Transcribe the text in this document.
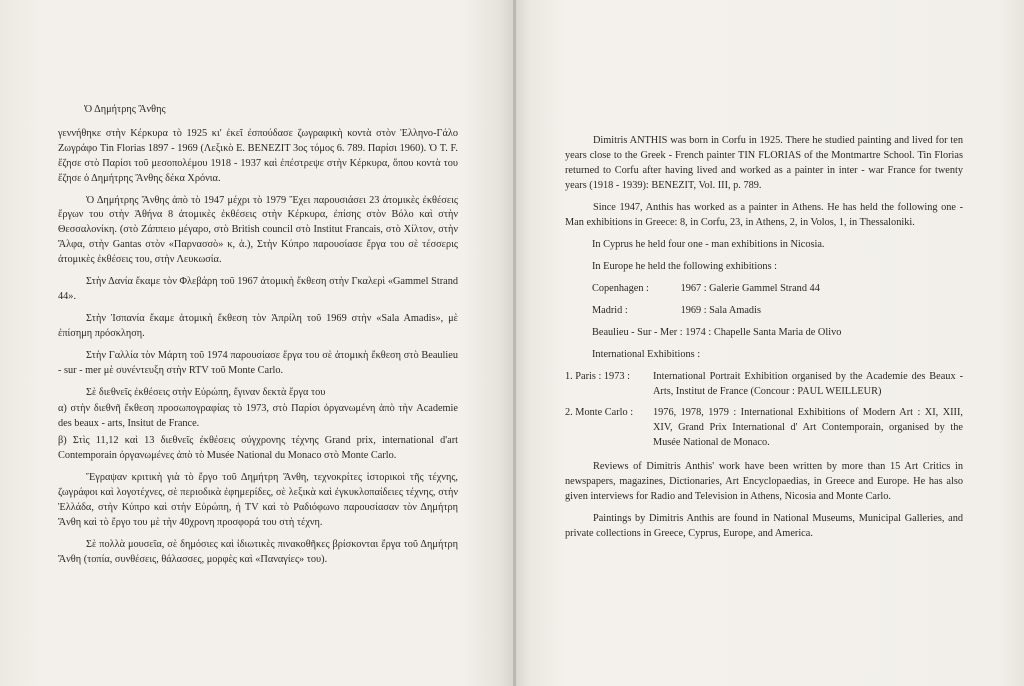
Ὁ Δημήτρης Ἄνθης

γεννήθηκε στὴν Κέρκυρα τὸ 1925 κι' ἐκεῖ ἐσπούδασε ζωγραφικὴ κοντὰ στὸν Ἑλληνο-Γάλο Ζωγράφο Tin Florias 1897 - 1969 (Λεξικὸ E. BENEZIT 3ος τόμος 6. 789. Παρίσι 1960). Ὁ T. F. ἔζησε στὸ Παρίσι τοῦ μεσοπολέμου 1918 - 1937 καὶ ἐπέστρεψε στὴν Κέρκυρα, ὅπου κοντὰ του ἔζησε ὁ Δημήτρης Ἄνθης δέκα Χρόνια.

Ὁ Δημήτρης Ἄνθης ἀπὸ τὸ 1947 μέχρι τὸ 1979 Ἔχει παρουσιάσει 23 ἀτομικὲς ἐκθέσεις ἔργων του στὴν Ἀθήνα 8 ἀτομικὲς ἐκθέσεις στὴν Κέρκυρα, ἐπίσης στὸν Βόλο καὶ στὴν Θεσσαλονίκη. (στὸ Ζάππειο μέγαρο, στὸ British council στὸ Institut Francais, στὸ Χίλτον, στὴν Ἄλφα, στὴν Gantas στὸν «Παρνασσὸ» κ, ἀ.), Στὴν Κύπρο παρουσίασε ἔργα του σὲ τέσσερις ἀτομικὲς ἐκθέσεις του, στὴν Λευκωσία.

Στὴν Δανία ἔκαμε τὸν Φλεβάρη τοῦ 1967 ἀτομικὴ ἔκθεση στὴν Γκαλερὶ «Gammel Strand 44».

Στὴν Ἰσπανία ἔκαμε ἀτομικὴ ἔκθεση τὸν Ἀπρίλη τοῦ 1969 στὴν «Sala Amadis», μὲ ἐπίσημη πρόσκληση.

Στὴν Γαλλία τὸν Μάρτη τοῦ 1974 παρουσίασε ἔργα του σὲ ἀτομικὴ ἔκθεση στὸ Beaulieu - sur - mer μὲ συνέντευξη στὴν RTV τοῦ Monte Carlo.

Σὲ διεθνεῖς ἐκθέσεις στὴν Εὐρώπη, ἔγιναν δεκτὰ ἔργα του
α) στὴν διεθνῆ ἔκθεση προσωπογραφίας τὸ 1973, στὸ Παρίσι ὀργανωμένη ἀπὸ τὴν Academie des beaux - arts, Insitut de France.
β) Στὶς 11,12 καὶ 13 διεθνεῖς ἐκθέσεις σύγχρονης τέχνης Grand prix, international d'art Contemporain ὀργανωμένες ἀπὸ τὸ Musée National du Monaco στὸ Monte Carlo.

Ἔγραψαν κριτικὴ γιὰ τὸ ἔργο τοῦ Δημήτρη Ἄνθη, τεχνοκρίτες ἱστορικοὶ τῆς τέχνης, ζωγράφοι καὶ λογοτέχνες, σὲ περιοδικὰ ἐφημερίδες, σὲ λεξικὰ καὶ ἐγκυκλοπαίδειες τέχνης, στὴν Ἑλλάδα, στὴν Κύπρο καὶ στὴν Εὐρώπη, ἡ TV καὶ τὸ Ραδιόφωνο παρουσίασαν τὸν Δημήτρη Ἄνθη καὶ τὸ ἔργο του μὲ τὴν 40χρονη προσφορά του στὴ τέχνη.

Σὲ πολλὰ μουσεῖα, σὲ δημόσιες καὶ ἰδιωτικὲς πινακοθῆκες βρίσκονται ἔργα τοῦ Δημήτρη Ἄνθη (τοπία, συνθέσεις, θάλασσες, μορφὲς καὶ «Παναγίες» του).

Dimitris ANTHIS was born in Corfu in 1925. There he studied painting and lived for ten years close to the Greek - French painter TIN FLORIAS of the Montmartre School. Tin Florias returned to Corfu after having lived and worked as a painter in inter - war France for twenty years (1918 - 1939): BENEZIT, Vol. III, p. 789.

Since 1947, Anthis has worked as a painter in Athens. He has held the following one - Man exhibitions in Greece: 8, in Corfu, 23, in Athens, 2, in Volos, 1, in Thessaloniki.

In Cyprus he held four one - man exhibitions in Nicosia.

In Europe he held the following exhibitions :

Copenhagen :	1967 : Galerie Gammel Strand 44
Madrid :	1969 : Sala Amadis
Beaulieu - Sur - Mer : 1974 : Chapelle Santa Maria de Olivo

International Exhibitions :

1. Paris : 1973 :	International Portrait Exhibition organised by the Academie des Beaux - Arts, Institut de France (Concour : PAUL WEILLEUR)
2. Monte Carlo :	1976, 1978, 1979 : International Exhibitions of Modern Art : XI, XIII, XIV, Grand Prix International d' Art Contemporain, organised by the Musée National de Monaco.

Reviews of Dimitris Anthis' work have been written by more than 15 Art Critics in newspapers, magazines, Dictionaries, Art Encyclopaedias, in Greece and Europe. He has also given interviews for Radio and Television in Athens, Nicosia and Monte Carlo.

Paintings by Dimitris Anthis are found in National Museums, Municipal Galleries, and private collections in Greece, Cyprus, Europe, and America.
